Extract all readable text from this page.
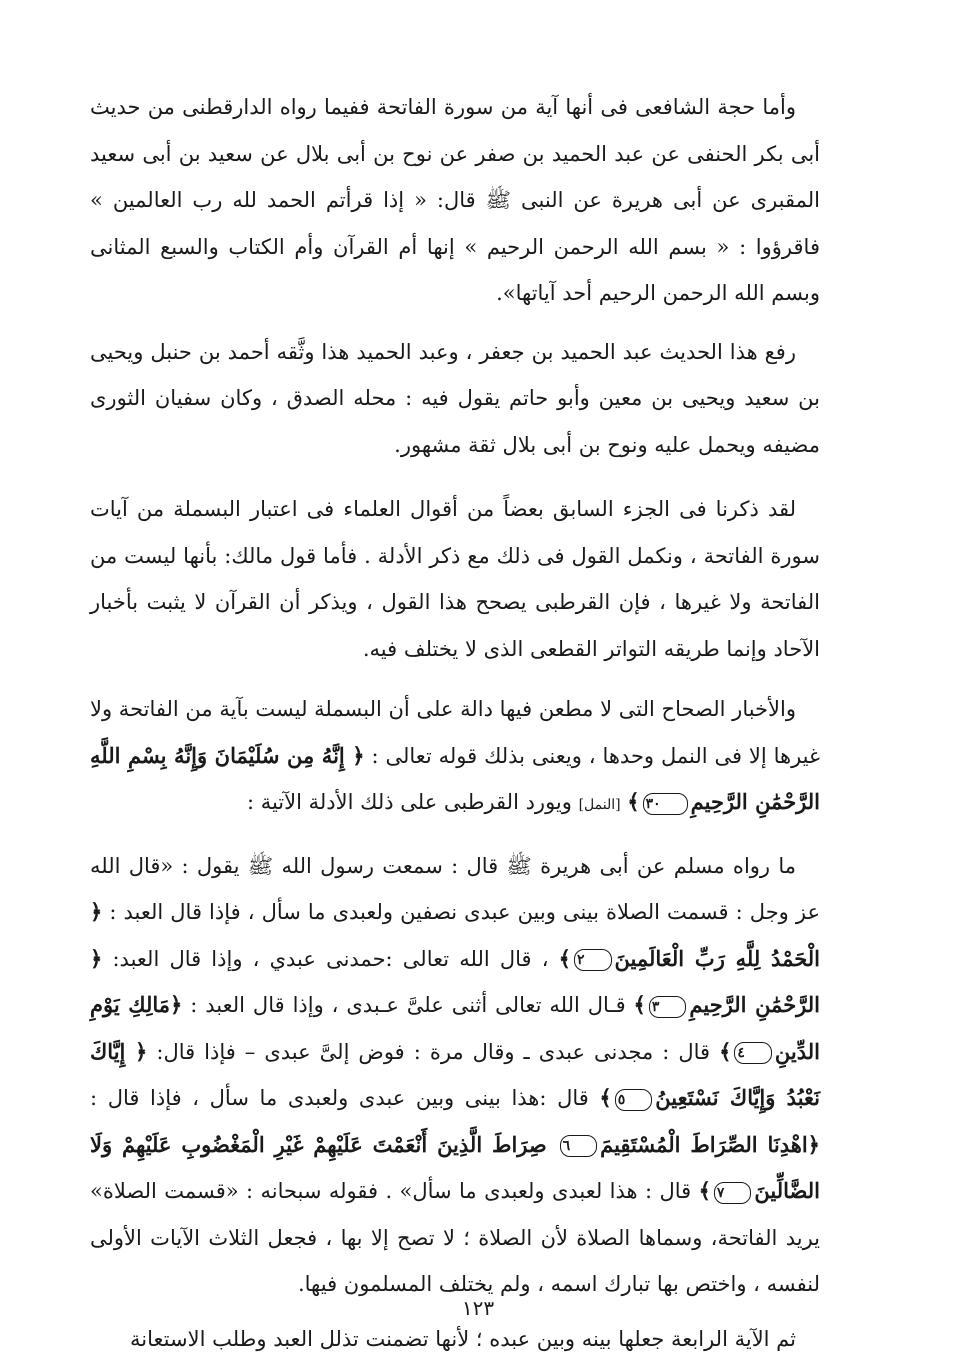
وأما حجة الشافعى فى أنها آية من سورة الفاتحة ففيما رواه الدارقطنى من حديث أبى بكر الحنفى عن عبد الحميد بن صفر عن نوح بن أبى بلال عن سعيد بن أبى سعيد المقبرى عن أبى هريرة عن النبى ﷺ قال: « إذا قرأتم الحمد لله رب العالمين » فاقرؤوا : « بسم الله الرحمن الرحيم » إنها أم القرآن وأم الكتاب والسبع المثانى وبسم الله الرحمن الرحيم أحد آياتها».

رفع هذا الحديث عبد الحميد بن جعفر ، وعبد الحميد هذا وثَّقه أحمد بن حنبل ويحيى بن سعيد ويحيى بن معين وأبو حاتم يقول فيه : محله الصدق ، وكان سفيان الثورى مضيفه ويحمل عليه ونوح بن أبى بلال ثقة مشهور.

لقد ذكرنا فى الجزء السابق بعضاً من أقوال العلماء فى اعتبار البسملة من آيات سورة الفاتحة ، ونكمل القول فى ذلك مع ذكر الأدلة . فأما قول مالك: بأنها ليست من الفاتحة ولا غيرها ، فإن القرطبى يصحح هذا القول ، ويذكر أن القرآن لا يثبت بأخبار الآحاد وإنما طريقه التواتر القطعى الذى لا يختلف فيه.

والأخبار الصحاح التى لا مطعن فيها دالة على أن البسملة ليست بآية من الفاتحة ولا غيرها إلا فى النمل وحدها ، ويعنى بذلك قوله تعالى : ﴿ إِنَّهُ مِن سُلَيْمَانَ وَإِنَّهُ بِسْمِ اللَّهِ الرَّحْمَٰنِ الرَّحِيمِ٣٠﴾ [النمل] ويورد القرطبى على ذلك الأدلة الآتية :

ما رواه مسلم عن أبى هريرة ﷺ قال : سمعت رسول الله ﷺ يقول : «قال الله عز وجل : قسمت الصلاة بينى وبين عبدى نصفين ولعبدى ما سأل ، فإذا قال العبد : ﴿ الْحَمْدُ لِلَّهِ رَبِّ الْعَالَمِينَ٢﴾ ، قال الله تعالى :حمدنى عبدي ، وإذا قال العبد: ﴿ الرَّحْمَٰنِ الرَّحِيمِ٣﴾ قـال الله تعالى أثنى علىَّ عـبدى ، وإذا قال العبد : ﴿مَالِكِ يَوْمِ الدِّينِ٤﴾ قال : مجدنى عبدى ـ وقال مرة : فوض إلىَّ عبدى – فإذا قال: ﴿ إِيَّاكَ نَعْبُدُ وَإِيَّاكَ نَسْتَعِينُ٥﴾ قال :هذا بينى وبين عبدى ولعبدى ما سأل ، فإذا قال : ﴿اهْدِنَا الصِّرَاطَ الْمُسْتَقِيمَ٦ صِرَاطَ الَّذِينَ أَنْعَمْتَ عَلَيْهِمْ غَيْرِ الْمَغْضُوبِ عَلَيْهِمْ وَلَا الضَّالِّينَ٧﴾ قال : هذا لعبدى ولعبدى ما سأل» . فقوله سبحانه : «قسمت الصلاة» يريد الفاتحة، وسماها الصلاة لأن الصلاة ؛ لا تصح إلا بها ، فجعل الثلاث الآيات الأولى لنفسه ، واختص بها تبارك اسمه ، ولم يختلف المسلمون فيها.

ثم الآية الرابعة جعلها بينه وبين عبده ؛ لأنها تضمنت تذلل العبد وطلب الاستعانة

١٢٣
